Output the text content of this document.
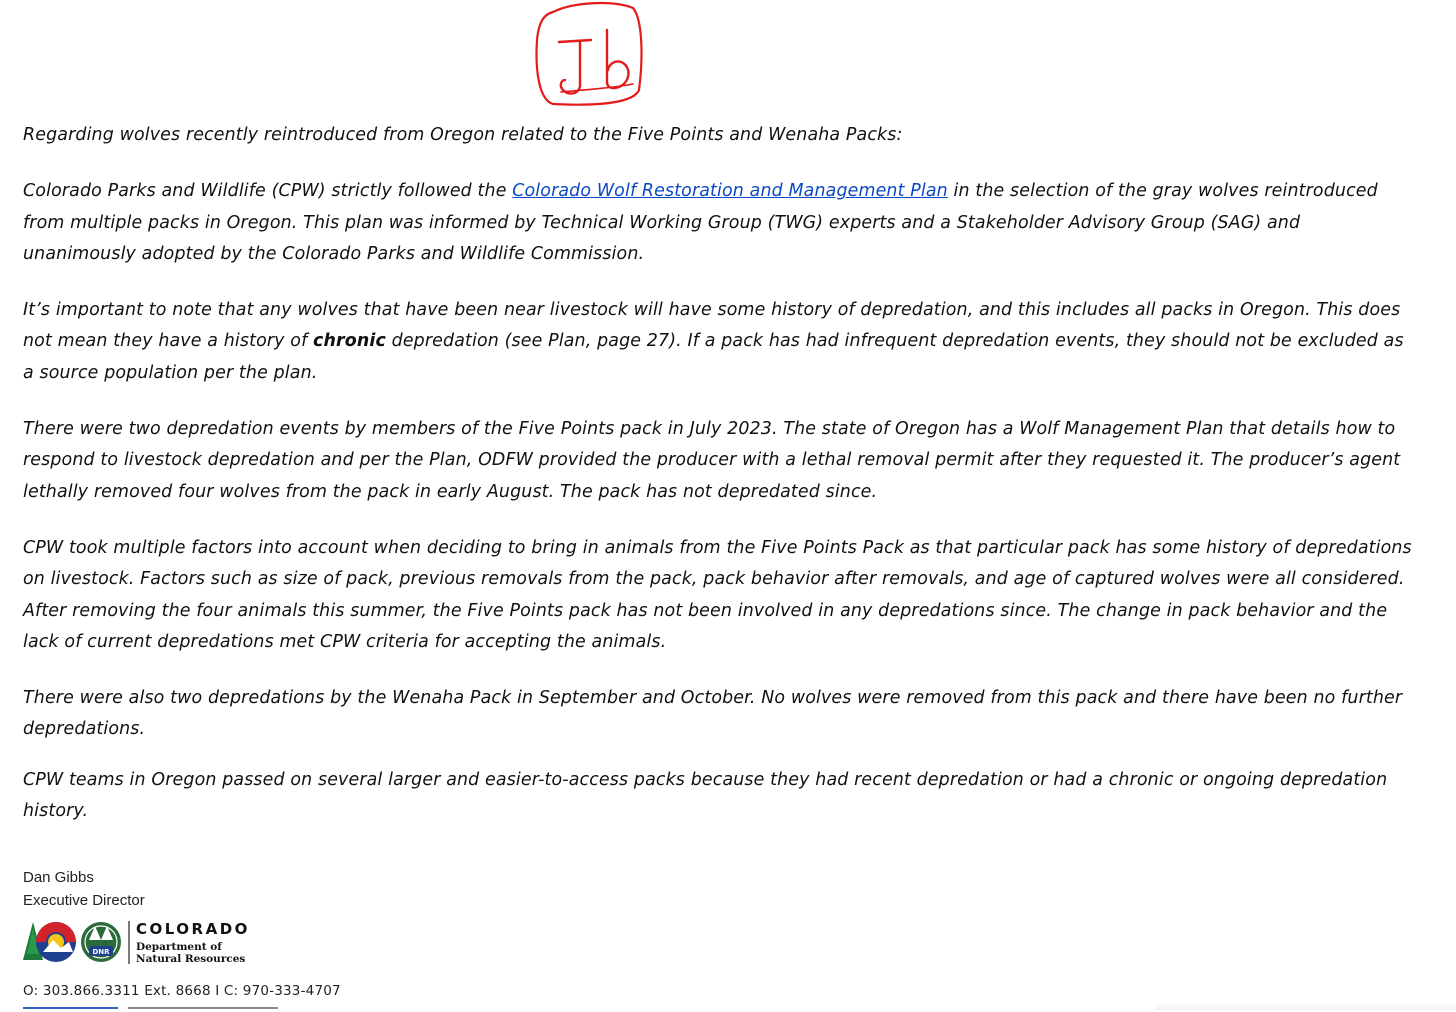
Regarding wolves recently reintroduced from Oregon related to the Five Points and Wenaha Packs:

Colorado Parks and Wildlife (CPW) strictly followed the Colorado Wolf Restoration and Management Plan in the selection of the gray wolves reintroduced from multiple packs in Oregon. This plan was informed by Technical Working Group (TWG) experts and a Stakeholder Advisory Group (SAG) and unanimously adopted by the Colorado Parks and Wildlife Commission.

It’s important to note that any wolves that have been near livestock will have some history of depredation, and this includes all packs in Oregon. This does not mean they have a history of chronic depredation (see Plan, page 27). If a pack has had infrequent depredation events, they should not be excluded as a source population per the plan.

There were two depredation events by members of the Five Points pack in July 2023. The state of Oregon has a Wolf Management Plan that details how to respond to livestock depredation and per the Plan, ODFW provided the producer with a lethal removal permit after they requested it. The producer’s agent lethally removed four wolves from the pack in early August. The pack has not depredated since.

CPW took multiple factors into account when deciding to bring in animals from the Five Points Pack as that particular pack has some history of depredations on livestock. Factors such as size of pack, previous removals from the pack, pack behavior after removals, and age of captured wolves were all considered. After removing the four animals this summer, the Five Points pack has not been involved in any depredations since. The change in pack behavior and the lack of current depredations met CPW criteria for accepting the animals.

There were also two depredations by the Wenaha Pack in September and October. No wolves were removed from this pack and there have been no further depredations.

CPW teams in Oregon passed on several larger and easier-to-access packs because they had recent depredation or had a chronic or ongoing depredation history.

Dan Gibbs
Executive Director
DNR
COLORADO
Department of
Natural Resources
O: 303.866.3311 Ext. 8668 I C: 970-333-4707
